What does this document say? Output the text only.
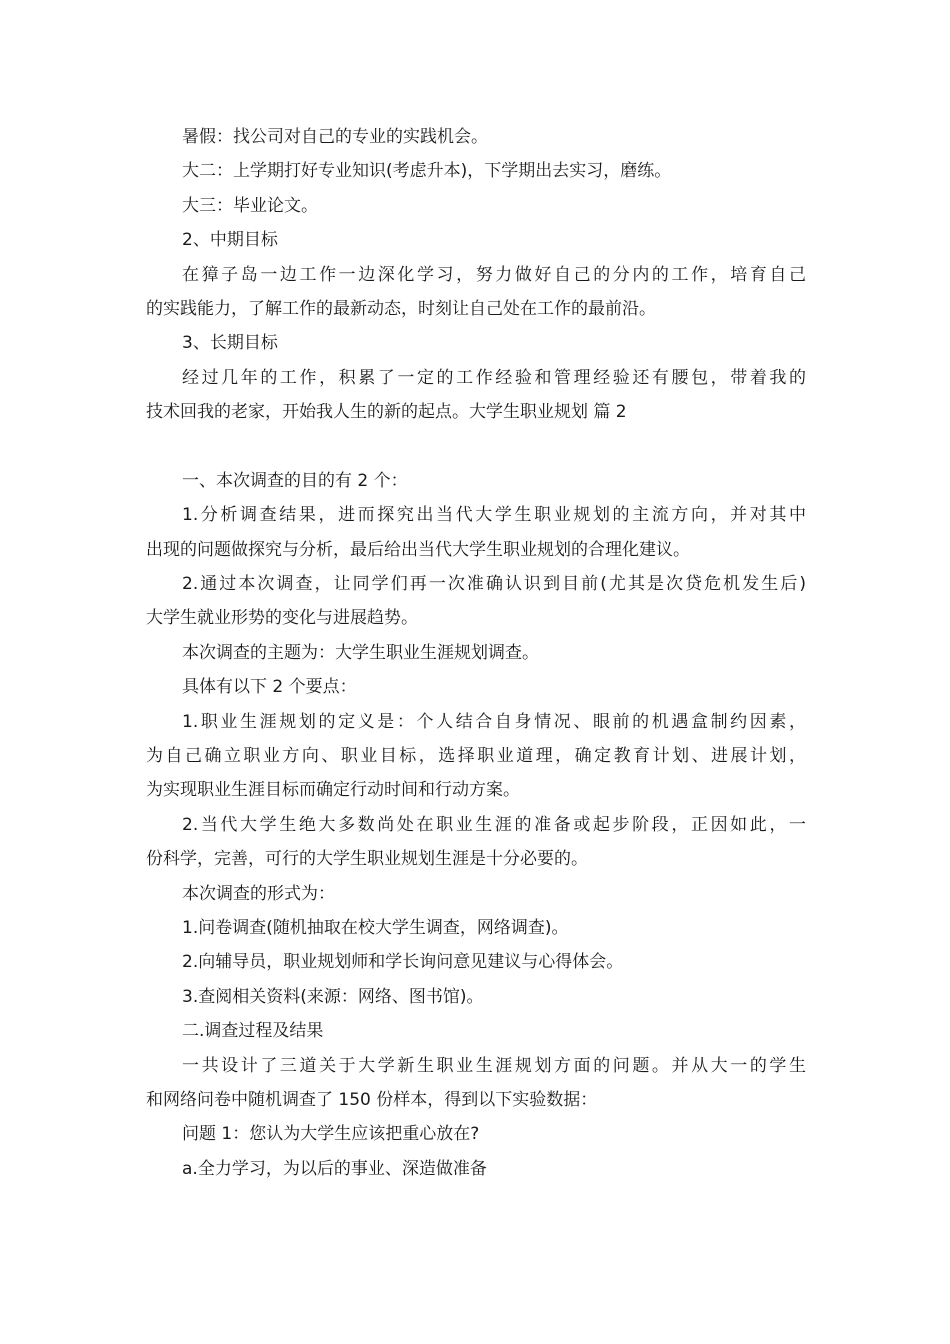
暑假：找公司对自己的专业的实践机会。
大二：上学期打好专业知识(考虑升本)，下学期出去实习，磨练。
大三：毕业论文。
2、中期目标
在獐子岛一边工作一边深化学习，努力做好自己的分内的工作，培育自己
的实践能力，了解工作的最新动态，时刻让自己处在工作的最前沿。
3、长期目标
经过几年的工作，积累了一定的工作经验和管理经验还有腰包，带着我的
技术回我的老家，开始我人生的新的起点。大学生职业规划 篇 2
一、本次调查的目的有 2 个：
1.分析调查结果，进而探究出当代大学生职业规划的主流方向，并对其中
出现的问题做探究与分析，最后给出当代大学生职业规划的合理化建议。
2.通过本次调查，让同学们再一次准确认识到目前(尤其是次贷危机发生后)
大学生就业形势的变化与进展趋势。
本次调查的主题为：大学生职业生涯规划调查。
具体有以下 2 个要点：
1.职业生涯规划的定义是：个人结合自身情况、眼前的机遇盒制约因素，
为自己确立职业方向、职业目标，选择职业道理，确定教育计划、进展计划，
为实现职业生涯目标而确定行动时间和行动方案。
2.当代大学生绝大多数尚处在职业生涯的准备或起步阶段，正因如此，一
份科学，完善，可行的大学生职业规划生涯是十分必要的。
本次调查的形式为：
1.问卷调查(随机抽取在校大学生调查，网络调查)。
2.向辅导员，职业规划师和学长询问意见建议与心得体会。
3.查阅相关资料(来源：网络、图书馆)。
二.调查过程及结果
一共设计了三道关于大学新生职业生涯规划方面的问题。并从大一的学生
和网络问卷中随机调查了 150 份样本，得到以下实验数据：
问题 1：您认为大学生应该把重心放在?
a.全力学习，为以后的事业、深造做准备
